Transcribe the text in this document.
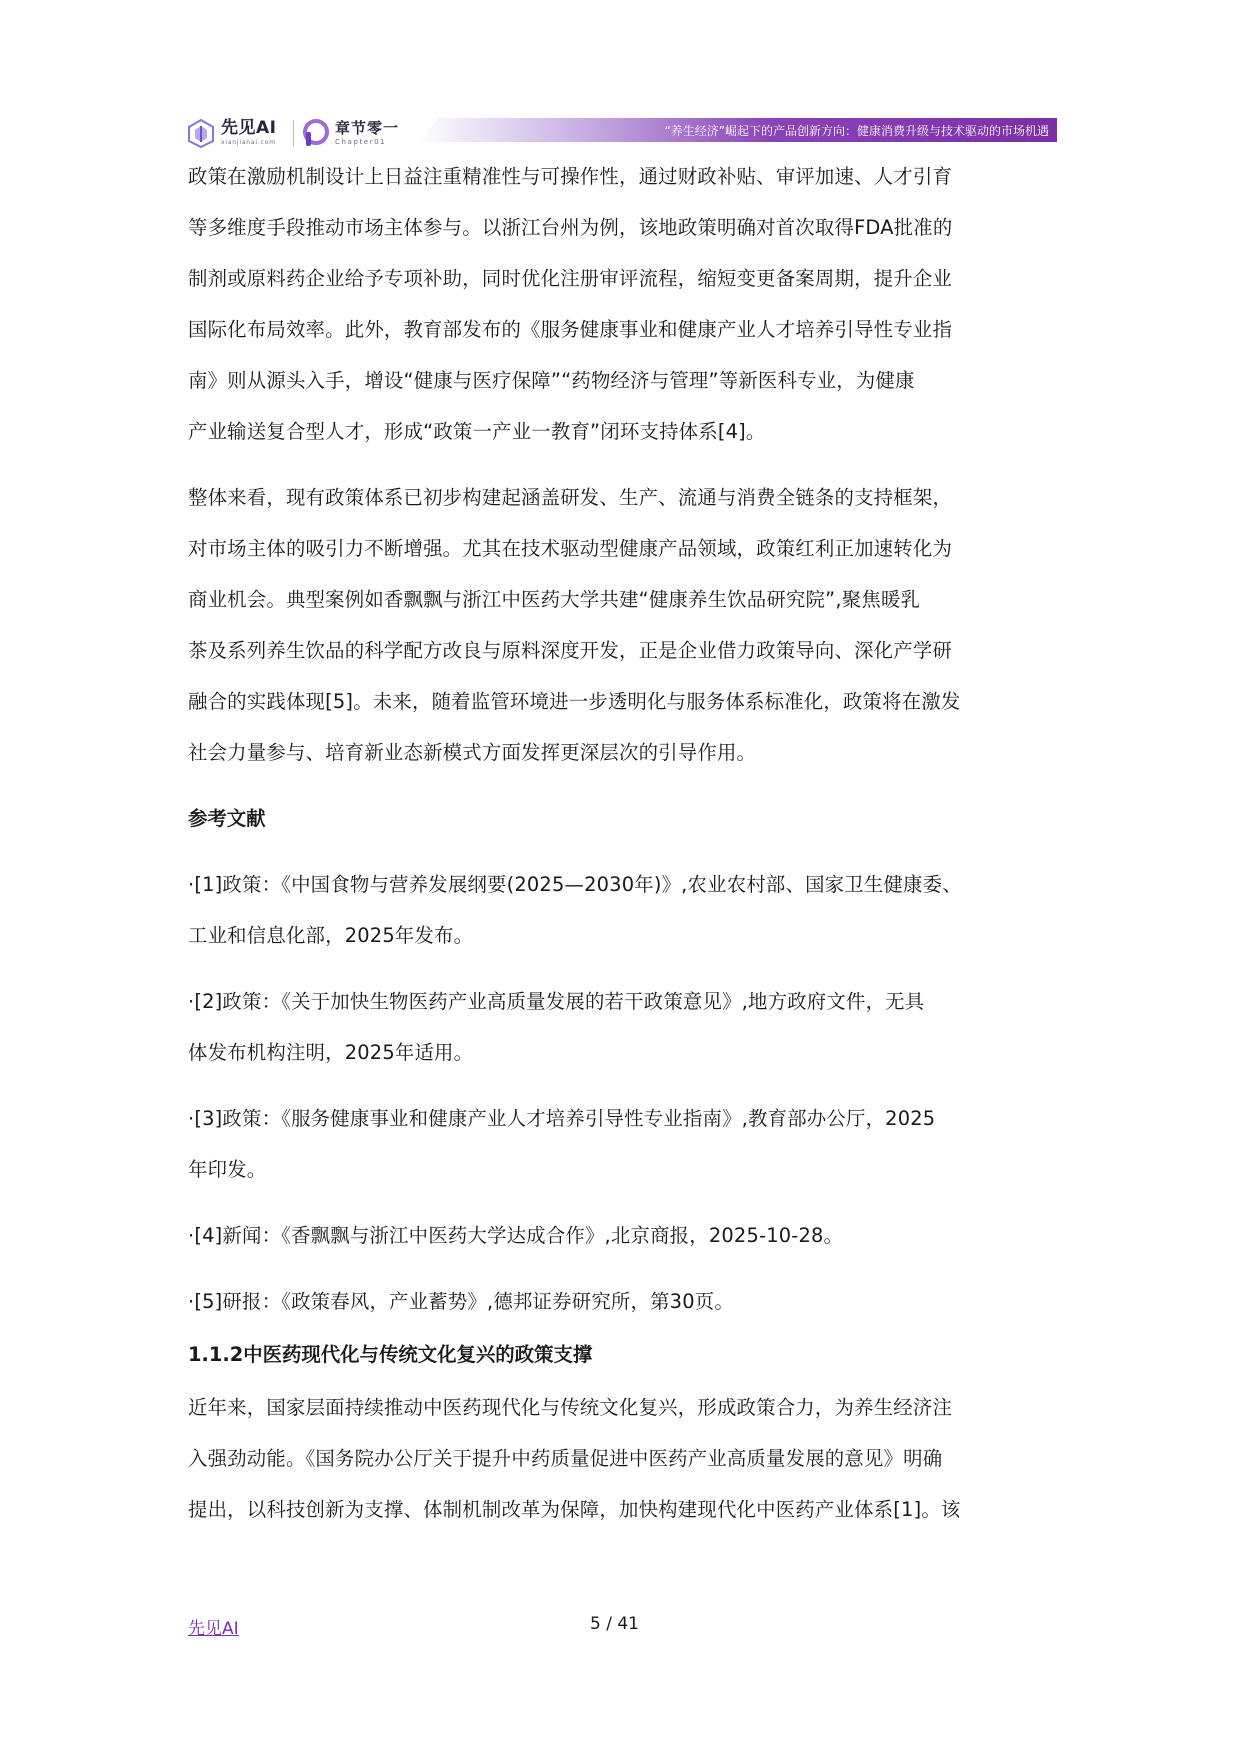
先见AI
xianjianai.com
章节零一
Chapter01
“养生经济”崛起下的产品创新方向：健康消费升级与技术驱动的市场机遇

政策在激励机制设计上日益注重精准性与可操作性，通过财政补贴、审评加速、人才引育

等多维度手段推动市场主体参与。以浙江台州为例，该地政策明确对首次取得FDA批准的

制剂或原料药企业给予专项补助，同时优化注册审评流程，缩短变更备案周期，提升企业

国际化布局效率。此外，教育部发布的《服务健康事业和健康产业人才培养引导性专业指

南》则从源头入手，增设“健康与医疗保障”“药物经济与管理”等新医科专业，为健康

产业输送复合型人才，形成“政策一产业一教育”闭环支持体系[4]。

整体来看，现有政策体系已初步构建起涵盖研发、生产、流通与消费全链条的支持框架，

对市场主体的吸引力不断增强。尤其在技术驱动型健康产品领域，政策红利正加速转化为

商业机会。典型案例如香飘飘与浙江中医药大学共建“健康养生饮品研究院”,聚焦暖乳

茶及系列养生饮品的科学配方改良与原料深度开发，正是企业借力政策导向、深化产学研

融合的实践体现[5]。未来，随着监管环境进一步透明化与服务体系标准化，政策将在激发

社会力量参与、培育新业态新模式方面发挥更深层次的引导作用。

参考文献

·[1]政策：《中国食物与营养发展纲要(2025—2030年)》,农业农村部、国家卫生健康委、

工业和信息化部，2025年发布。

·[2]政策：《关于加快生物医药产业高质量发展的若干政策意见》,地方政府文件，无具

体发布机构注明，2025年适用。

·[3]政策：《服务健康事业和健康产业人才培养引导性专业指南》,教育部办公厅，2025

年印发。

·[4]新闻：《香飘飘与浙江中医药大学达成合作》,北京商报，2025-10-28。

·[5]研报：《政策春风，产业蓄势》,德邦证券研究所，第30页。

1.1.2中医药现代化与传统文化复兴的政策支撑

近年来，国家层面持续推动中医药现代化与传统文化复兴，形成政策合力，为养生经济注

入强劲动能。《国务院办公厅关于提升中药质量促进中医药产业高质量发展的意见》明确

提出，以科技创新为支撑、体制机制改革为保障，加快构建现代化中医药产业体系[1]。该

先见AI	5 / 41
